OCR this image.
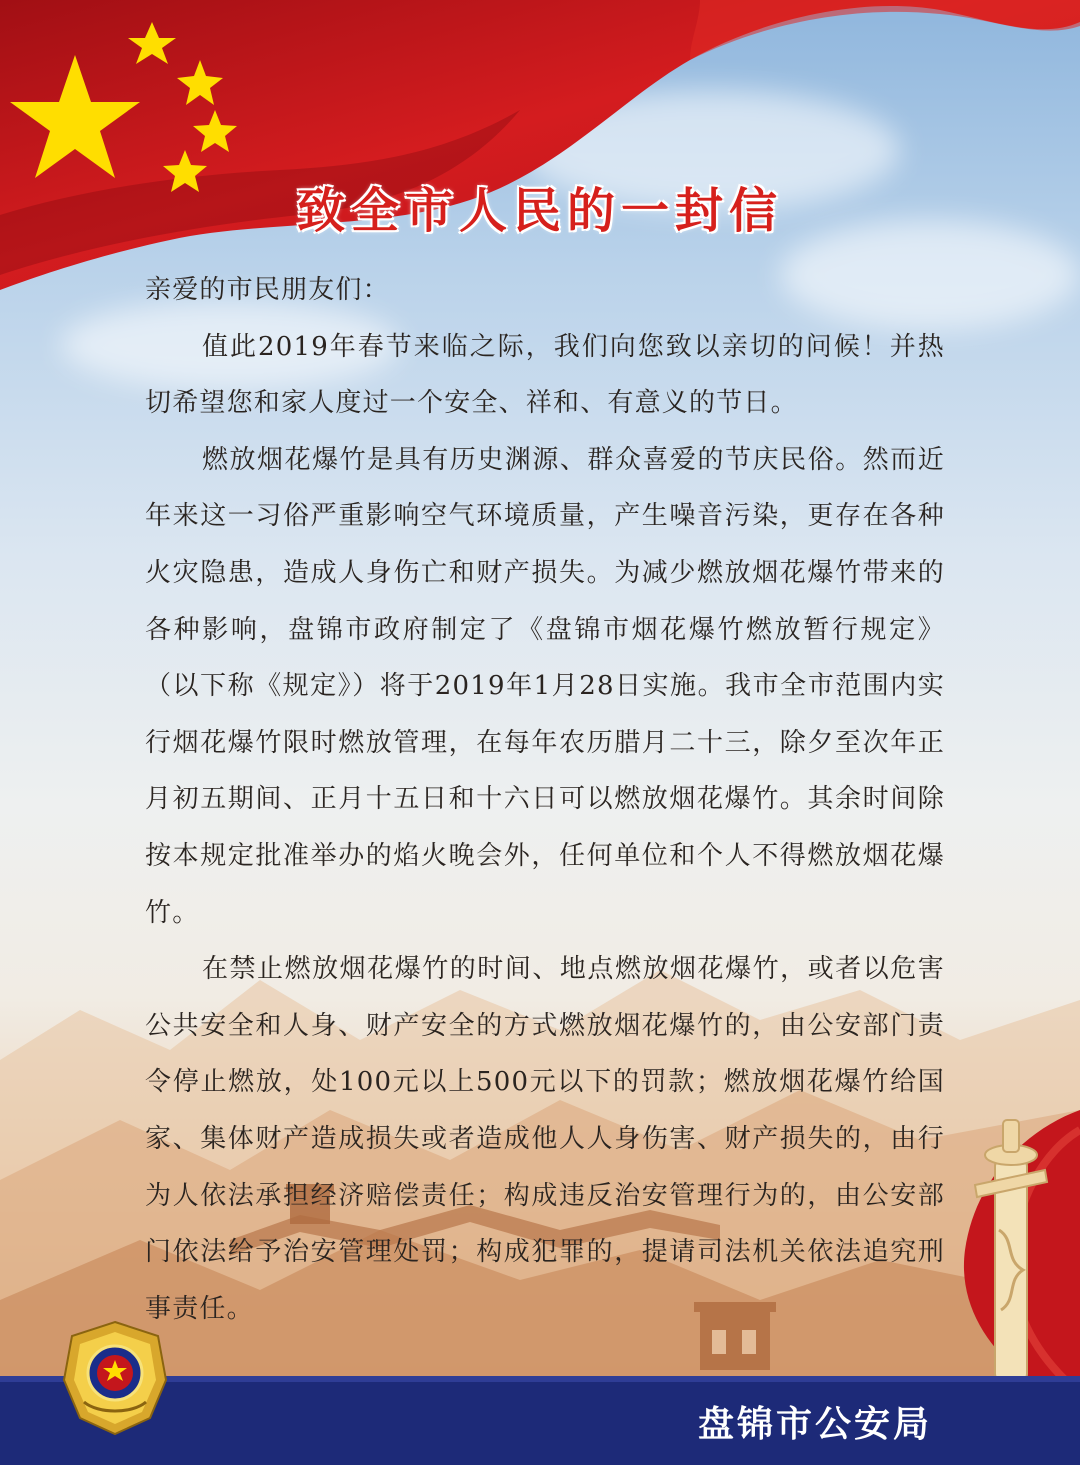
致全市人民的一封信

亲爱的市民朋友们：

值此2019年春节来临之际，我们向您致以亲切的问候！并热切希望您和家人度过一个安全、祥和、有意义的节日。

燃放烟花爆竹是具有历史渊源、群众喜爱的节庆民俗。然而近年来这一习俗严重影响空气环境质量，产生噪音污染，更存在各种火灾隐患，造成人身伤亡和财产损失。为减少燃放烟花爆竹带来的各种影响，盘锦市政府制定了《盘锦市烟花爆竹燃放暂行规定》（以下称《规定》）将于2019年1月28日实施。我市全市范围内实行烟花爆竹限时燃放管理，在每年农历腊月二十三，除夕至次年正月初五期间、正月十五日和十六日可以燃放烟花爆竹。其余时间除按本规定批准举办的焰火晚会外，任何单位和个人不得燃放烟花爆竹。

在禁止燃放烟花爆竹的时间、地点燃放烟花爆竹，或者以危害公共安全和人身、财产安全的方式燃放烟花爆竹的，由公安部门责令停止燃放，处100元以上500元以下的罚款；燃放烟花爆竹给国家、集体财产造成损失或者造成他人人身伤害、财产损失的，由行为人依法承担经济赔偿责任；构成违反治安管理行为的，由公安部门依法给予治安管理处罚；构成犯罪的，提请司法机关依法追究刑事责任。

盘锦市公安局
